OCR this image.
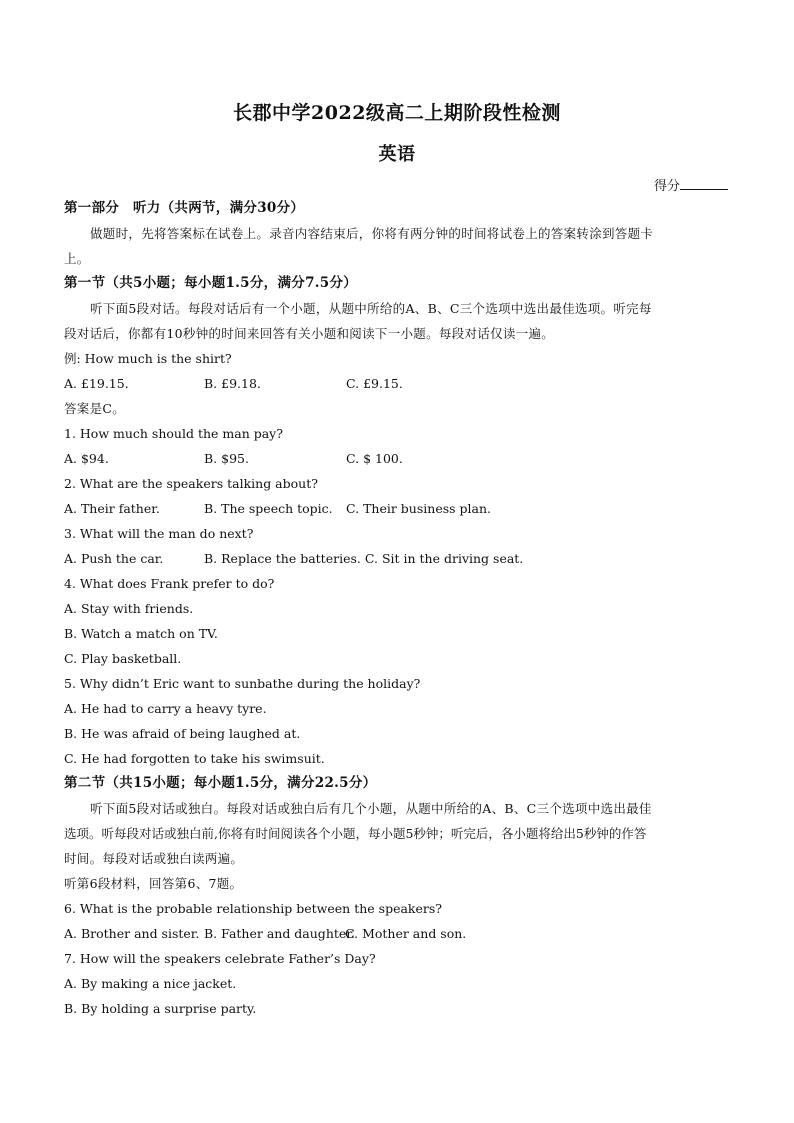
长郡中学2022级高二上期阶段性检测
英语
得分
第一部分　听力（共两节，满分30分）
做题时，先将答案标在试卷上。录音内容结束后，你将有两分钟的时间将试卷上的答案转涂到答题卡
上。
第一节（共5小题；每小题1.5分，满分7.5分）
听下面5段对话。每段对话后有一个小题，从题中所给的A、B、C三个选项中选出最佳选项。听完每
段对话后，你都有10秒钟的时间来回答有关小题和阅读下一小题。每段对话仅读一遍。
例: How much is the shirt?
A. £19.15.	B. £9.18.	C. £9.15.
答案是C。
1. How much should the man pay?
A. $94.	B. $95.	C. $ 100.
2. What are the speakers talking about?
A. Their father.	B. The speech topic.	C. Their business plan.
3. What will the man do next?
A. Push the car.	B. Replace the batteries. C. Sit in the driving seat.
4. What does Frank prefer to do?
A. Stay with friends.
B. Watch a match on TV.
C. Play basketball.
5. Why didn’t Eric want to sunbathe during the holiday?
A. He had to carry a heavy tyre.
B. He was afraid of being laughed at.
C. He had forgotten to take his swimsuit.
第二节（共15小题；每小题1.5分，满分22.5分）
听下面5段对话或独白。每段对话或独白后有几个小题，从题中所给的A、B、C三个选项中选出最佳
选项。听每段对话或独白前,你将有时间阅读各个小题，每小题5秒钟；听完后，各小题将给出5秒钟的作答
时间。每段对话或独白读两遍。
听第6段材料，回答第6、7题。
6. What is the probable relationship between the speakers?
A. Brother and sister. B. Father and daughter.
C. Mother and son.
7. How will the speakers celebrate Father’s Day?
A. By making a nice jacket.
B. By holding a surprise party.
